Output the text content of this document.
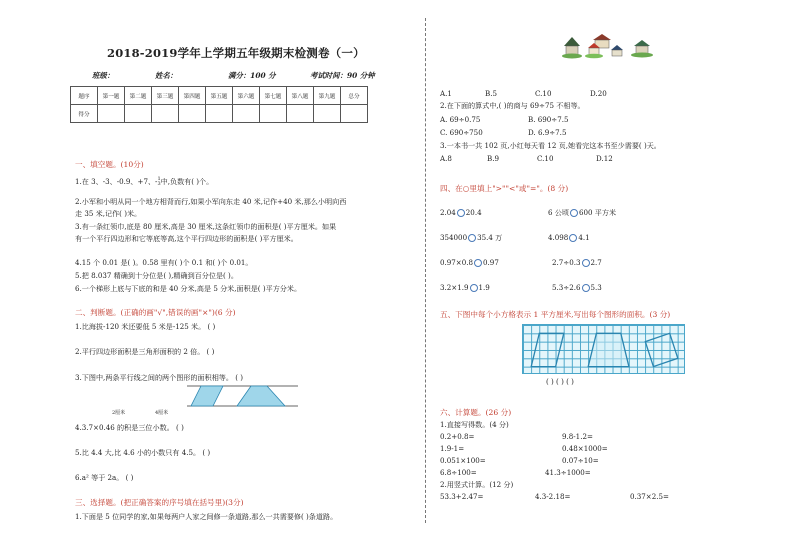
2018-2019学年上学期五年级期末检测卷（一）
班级：	姓名：	满分：100 分	考试时间：90 分钟
题序	第一题	第二题	第三题	第四题	第五题	第六题	第七题	第八题	第九题	总分
得分										
一、填空题。(10分)
1.在 3、-3、-0.9、+7、-1
3中,负数有( )个。
2.小军和小明从同一个地方相背而行,如果小军向东走 40 米,记作+40 米,那么小明向西
走 35 米,记作( )米。
3.有一条红领巾,底是 80 厘米,高是 30 厘米,这条红领巾的面积是( )平方厘米。如果
有一个平行四边形和它等底等高,这个平行四边形的面积是( )平方厘米。
4.15 个 0.01 是( )。0.58 里有( )个 0.1 和( )个 0.01。
5.把 8.037 精确到十分位是( ),精确到百分位是( )。
6.一个梯形上底与下底的和是 40 分米,高是 5 分米,面积是( )平方分米。
二、判断题。(正确的画"√",错误的画"×")(6 分)
1.比海拔-120 米还要低 5 米是-125 米。 ( )
2.平行四边形面积是三角形面积的 2 倍。 ( )
3.下图中,两条平行线之间的两个图形的面积相等。 ( )
2厘米	4厘米
4.3.7×0.46 的积是三位小数。 ( )
5.比 4.4 大,比 4.6 小的小数只有 4.5。 ( )
6.a² 等于 2a。 ( )
三、选择题。(把正确答案的序号填在括号里)(3分)
1.下面是 5 位同学的家,如果每两户人家之间修一条道路,那么一共需要修( )条道路。
A.1	B.5	C.10	D.20
2.在下面的算式中,( )的商与 69÷75 不相等。
A. 69÷0.75	B. 690÷7.5
C. 690÷750	D. 6.9÷7.5
3.一本书一共 102 页,小红每天看 12 页,她看完这本书至少需要( )天。
A.8	B.9	C.10	D.12
四、在○里填上">""<"或"="。(8 分)
2.04 20.4	6 公顷 600 平方米
354000 35.4 万	4.098 4.1
0.97×0.8 0.97	2.7÷0.3 2.7
3.2×1.9 1.9	5.3÷2.6 5.3
五、下图中每个小方格表示 1 平方厘米,写出每个图形的面积。(3 分)
( ) ( ) ( )
六、计算题。(26 分)
1.直接写得数。(4 分)
0.2+0.8=	9.8-1.2=
1.9-1=	0.48×1000=
0.051×100=	0.07÷10=
6.8÷100=	41.3÷1000=
2.用竖式计算。(12 分)
53.3+2.47=	4.3-2.18=	0.37×2.5=
